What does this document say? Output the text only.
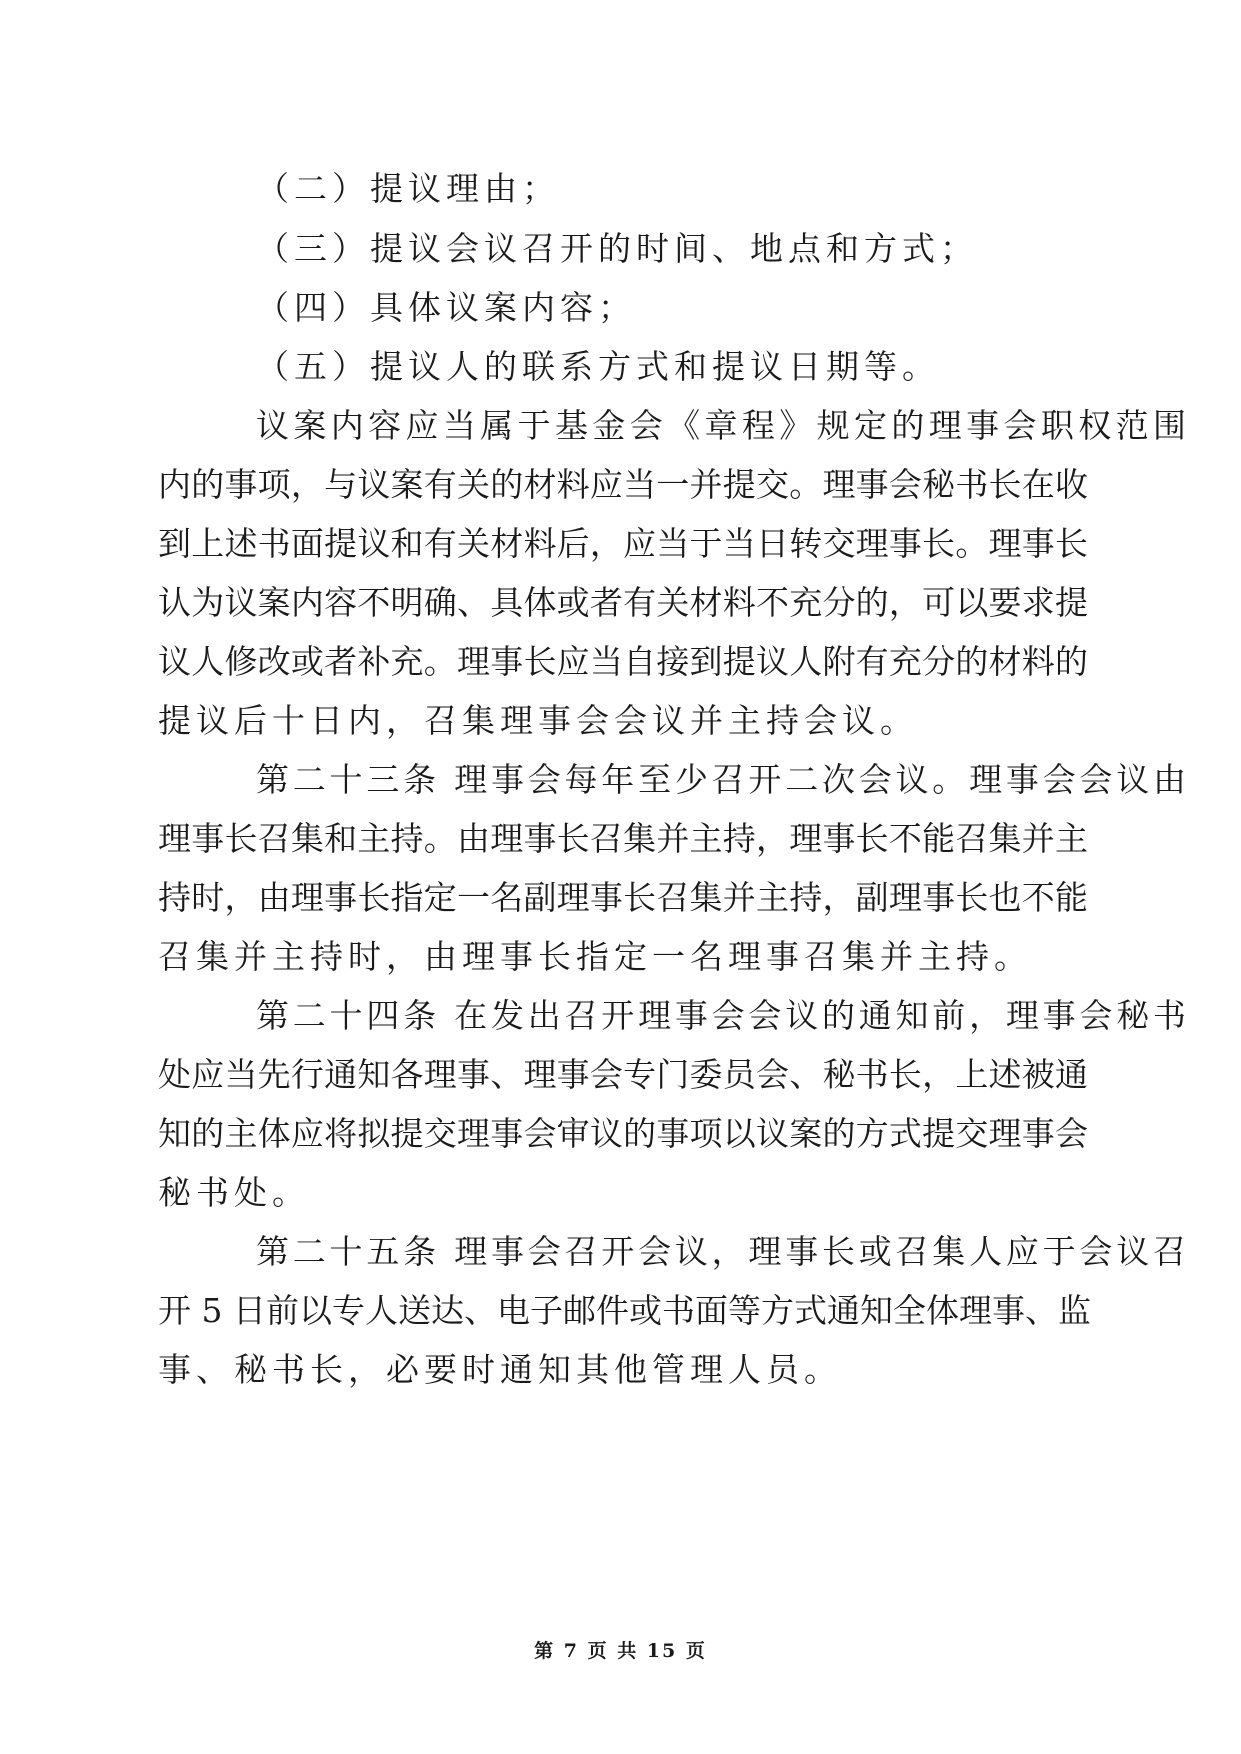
（二）提议理由；
（三）提议会议召开的时间、地点和方式；
（四）具体议案内容；
（五）提议人的联系方式和提议日期等。
议案内容应当属于基金会《章程》规定的理事会职权范围
内的事项，与议案有关的材料应当一并提交。理事会秘书长在收
到上述书面提议和有关材料后，应当于当日转交理事长。理事长
认为议案内容不明确、具体或者有关材料不充分的，可以要求提
议人修改或者补充。理事长应当自接到提议人附有充分的材料的
提议后十日内，召集理事会会议并主持会议。
第二十三条 理事会每年至少召开二次会议。理事会会议由
理事长召集和主持。由理事长召集并主持，理事长不能召集并主
持时，由理事长指定一名副理事长召集并主持，副理事长也不能
召集并主持时，由理事长指定一名理事召集并主持。
第二十四条 在发出召开理事会会议的通知前，理事会秘书
处应当先行通知各理事、理事会专门委员会、秘书长，上述被通
知的主体应将拟提交理事会审议的事项以议案的方式提交理事会
秘书处。
第二十五条 理事会召开会议，理事长或召集人应于会议召
开 5 日前以专人送达、电子邮件或书面等方式通知全体理事、监
事、秘书长，必要时通知其他管理人员。
第 7 页 共 15 页
